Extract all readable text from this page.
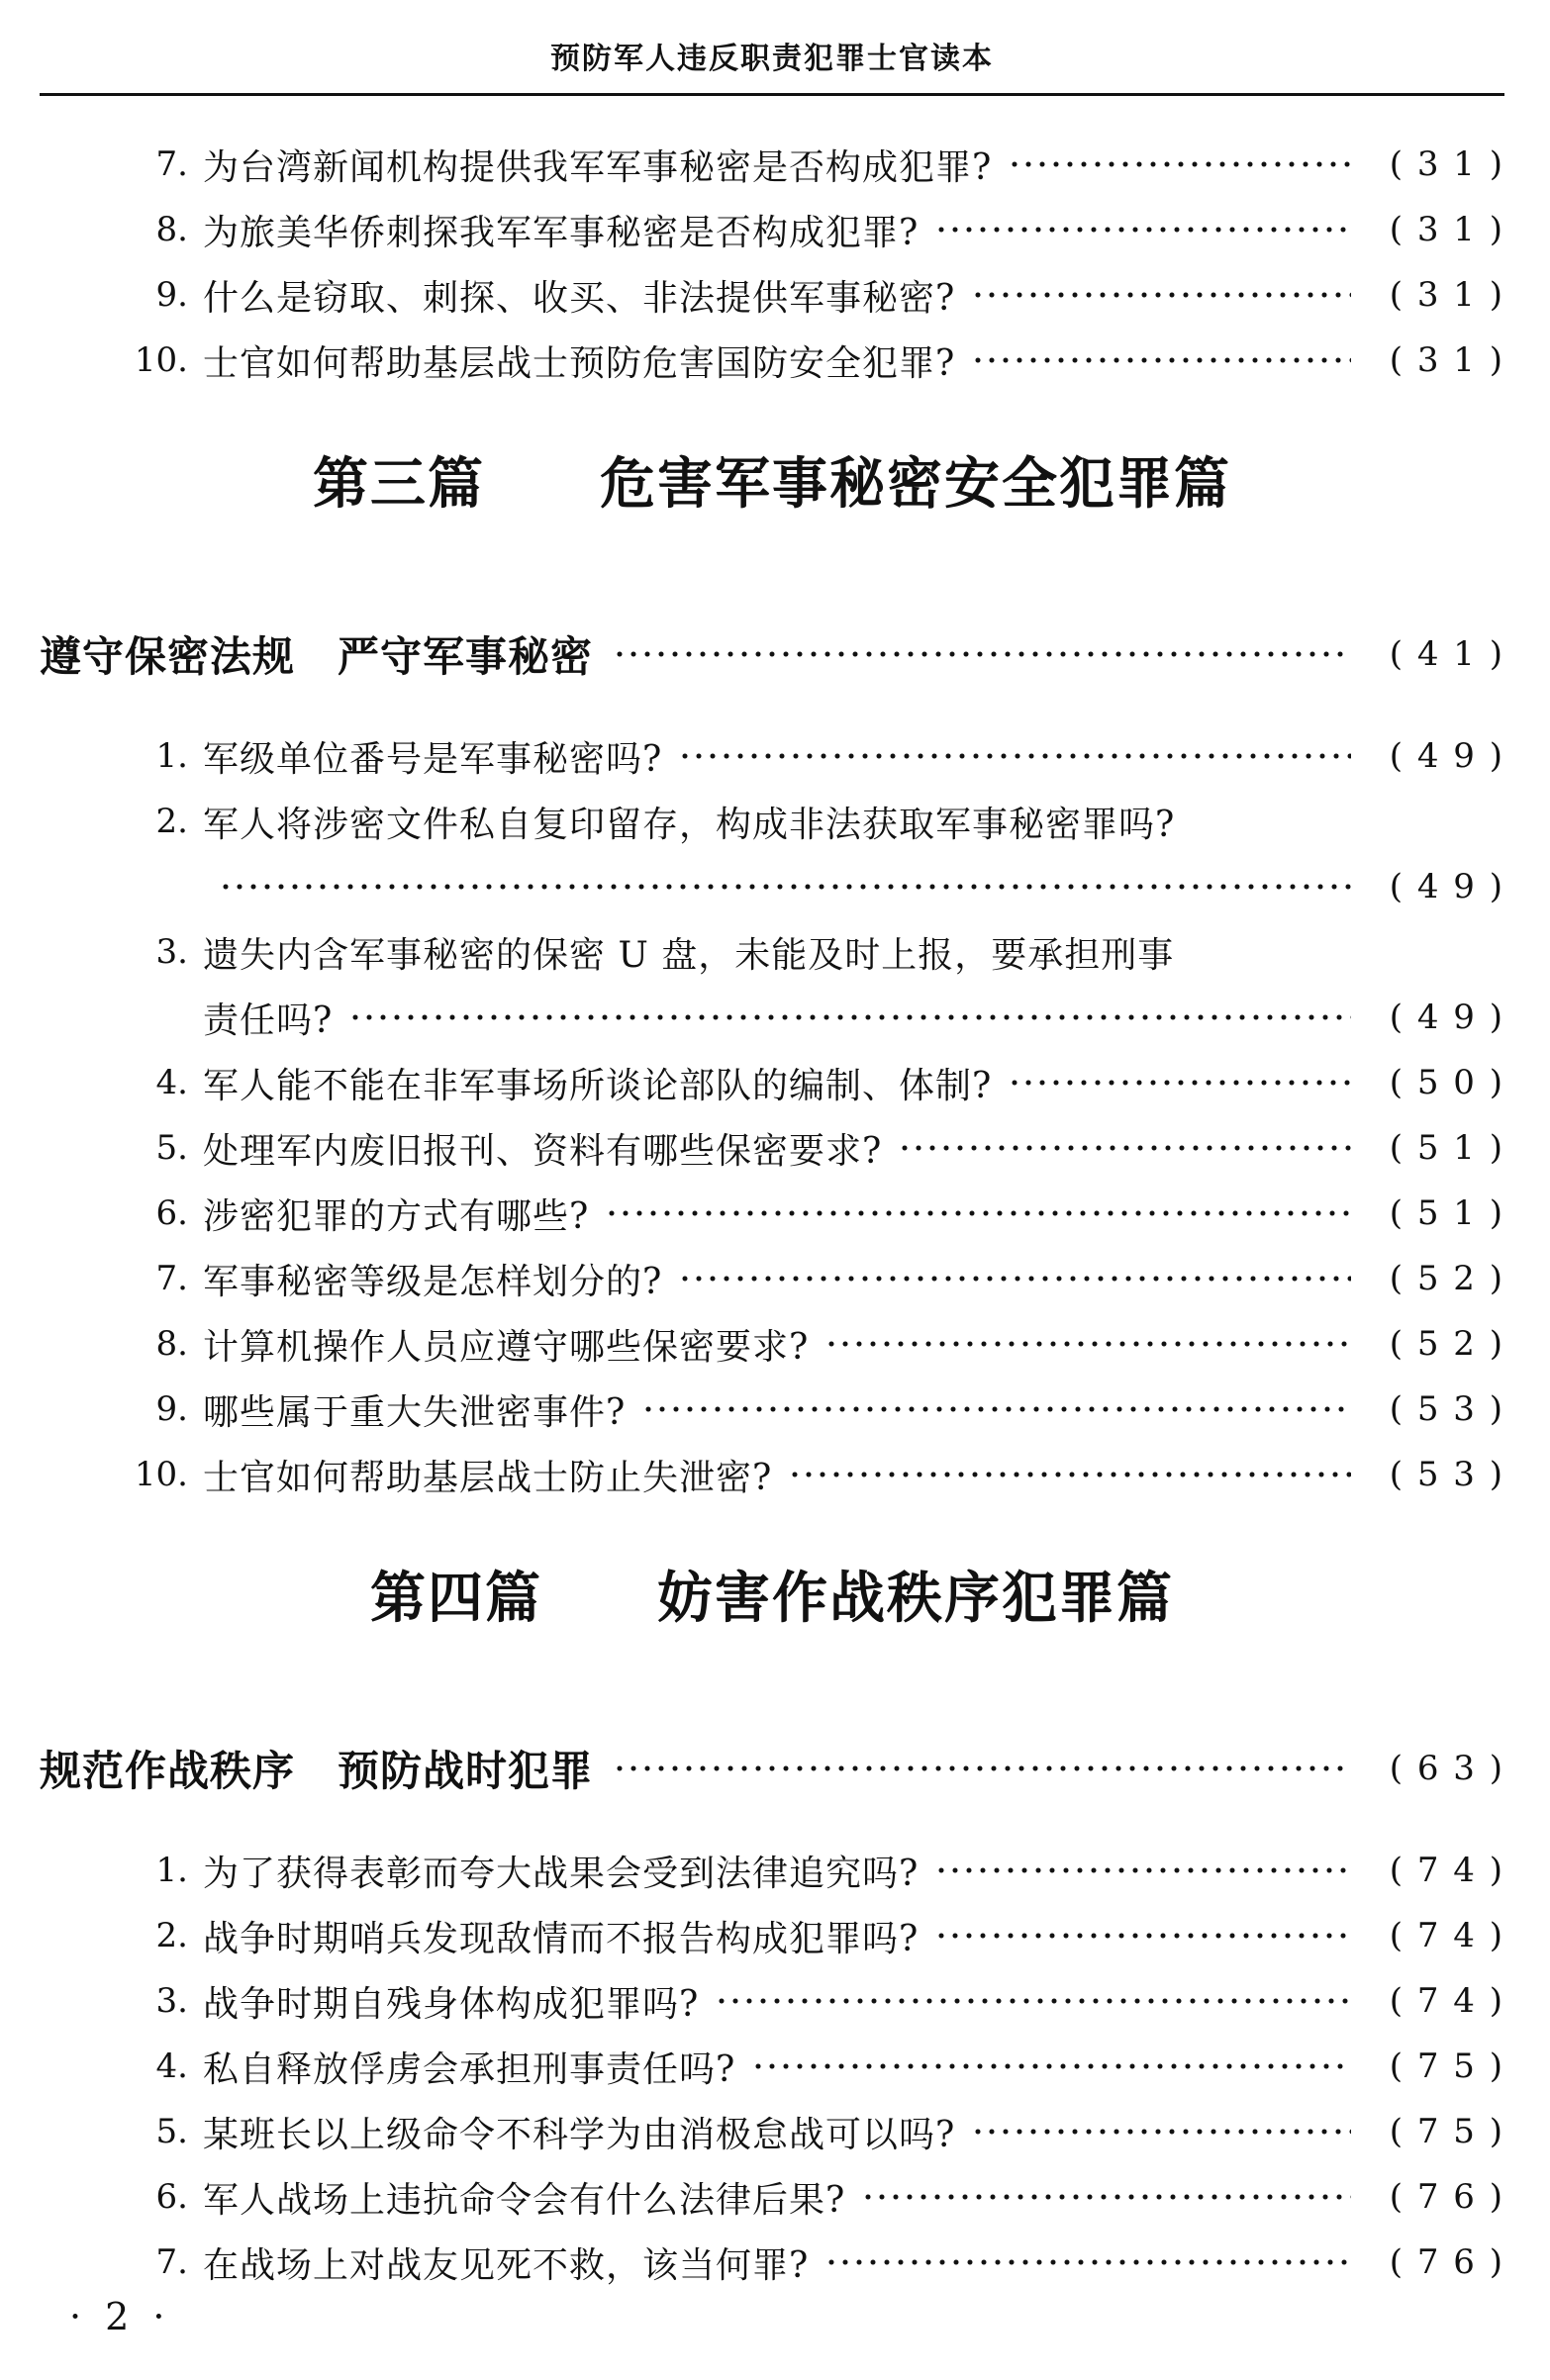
预防军人违反职责犯罪士官读本
7. 为台湾新闻机构提供我军军事秘密是否构成犯罪?	( 3 1 )
8. 为旅美华侨刺探我军军事秘密是否构成犯罪?	( 3 1 )
9. 什么是窃取、刺探、收买、非法提供军事秘密?	( 3 1 )
10. 士官如何帮助基层战士预防危害国防安全犯罪?	( 3 1 )
第三篇　　危害军事秘密安全犯罪篇
遵守保密法规　严守军事秘密	( 4 1 )
1. 军级单位番号是军事秘密吗?	( 4 9 )
2. 军人将涉密文件私自复印留存，构成非法获取军事秘密罪吗?
( 4 9 )
3. 遗失内含军事秘密的保密 U 盘，未能及时上报，要承担刑事
责任吗?	( 4 9 )
4. 军人能不能在非军事场所谈论部队的编制、体制?	( 5 0 )
5. 处理军内废旧报刊、资料有哪些保密要求?	( 5 1 )
6. 涉密犯罪的方式有哪些?	( 5 1 )
7. 军事秘密等级是怎样划分的?	( 5 2 )
8. 计算机操作人员应遵守哪些保密要求?	( 5 2 )
9. 哪些属于重大失泄密事件?	( 5 3 )
10. 士官如何帮助基层战士防止失泄密?	( 5 3 )
第四篇　　妨害作战秩序犯罪篇
规范作战秩序　预防战时犯罪	( 6 3 )
1. 为了获得表彰而夸大战果会受到法律追究吗?	( 7 4 )
2. 战争时期哨兵发现敌情而不报告构成犯罪吗?	( 7 4 )
3. 战争时期自残身体构成犯罪吗?	( 7 4 )
4. 私自释放俘虏会承担刑事责任吗?	( 7 5 )
5. 某班长以上级命令不科学为由消极怠战可以吗?	( 7 5 )
6. 军人战场上违抗命令会有什么法律后果?	( 7 6 )
7. 在战场上对战友见死不救，该当何罪?	( 7 6 )
· 2 ·
